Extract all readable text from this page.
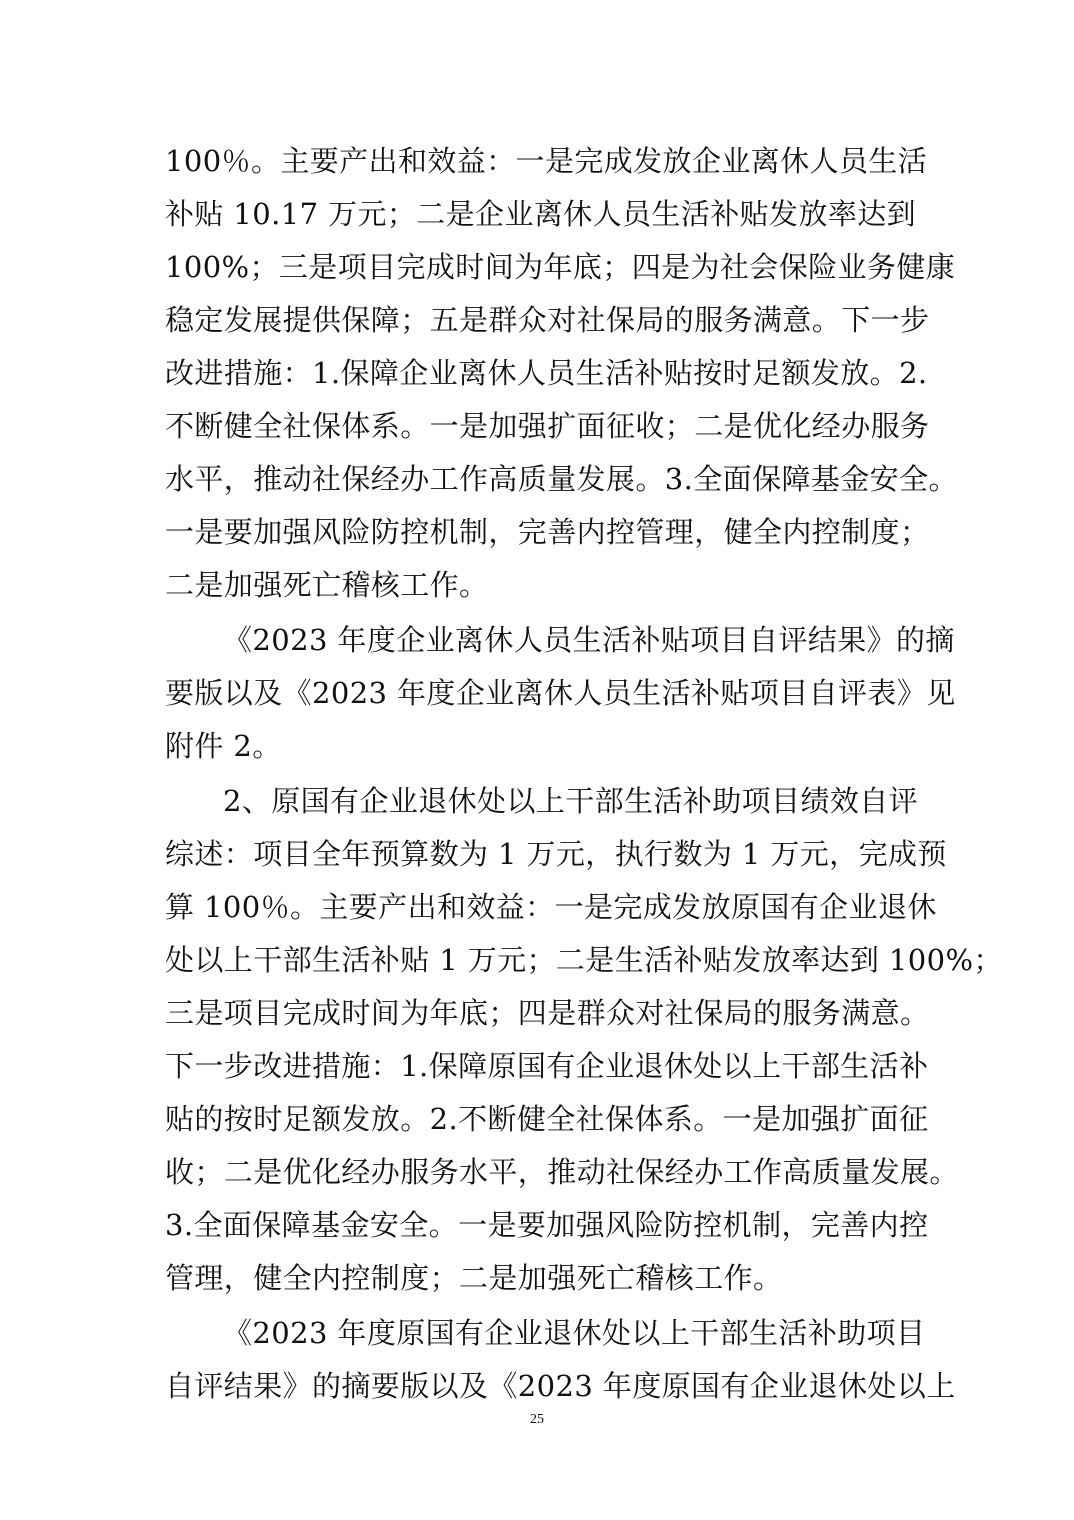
100％。主要产出和效益：一是完成发放企业离休人员生活
补贴 10.17 万元；二是企业离休人员生活补贴发放率达到
100%；三是项目完成时间为年底；四是为社会保险业务健康
稳定发展提供保障；五是群众对社保局的服务满意。下一步
改进措施：1.保障企业离休人员生活补贴按时足额发放。2.
不断健全社保体系。一是加强扩面征收；二是优化经办服务
水平，推动社保经办工作高质量发展。3.全面保障基金安全。
一是要加强风险防控机制，完善内控管理，健全内控制度；
二是加强死亡稽核工作。
《2023 年度企业离休人员生活补贴项目自评结果》的摘
要版以及《2023 年度企业离休人员生活补贴项目自评表》见
附件 2。
2、原国有企业退休处以上干部生活补助项目绩效自评
综述：项目全年预算数为 1 万元，执行数为 1 万元，完成预
算 100％。主要产出和效益：一是完成发放原国有企业退休
处以上干部生活补贴 1 万元；二是生活补贴发放率达到 100%；
三是项目完成时间为年底；四是群众对社保局的服务满意。
下一步改进措施：1.保障原国有企业退休处以上干部生活补
贴的按时足额发放。2.不断健全社保体系。一是加强扩面征
收；二是优化经办服务水平，推动社保经办工作高质量发展。
3.全面保障基金安全。一是要加强风险防控机制，完善内控
管理，健全内控制度；二是加强死亡稽核工作。
《2023 年度原国有企业退休处以上干部生活补助项目
自评结果》的摘要版以及《2023 年度原国有企业退休处以上
25
